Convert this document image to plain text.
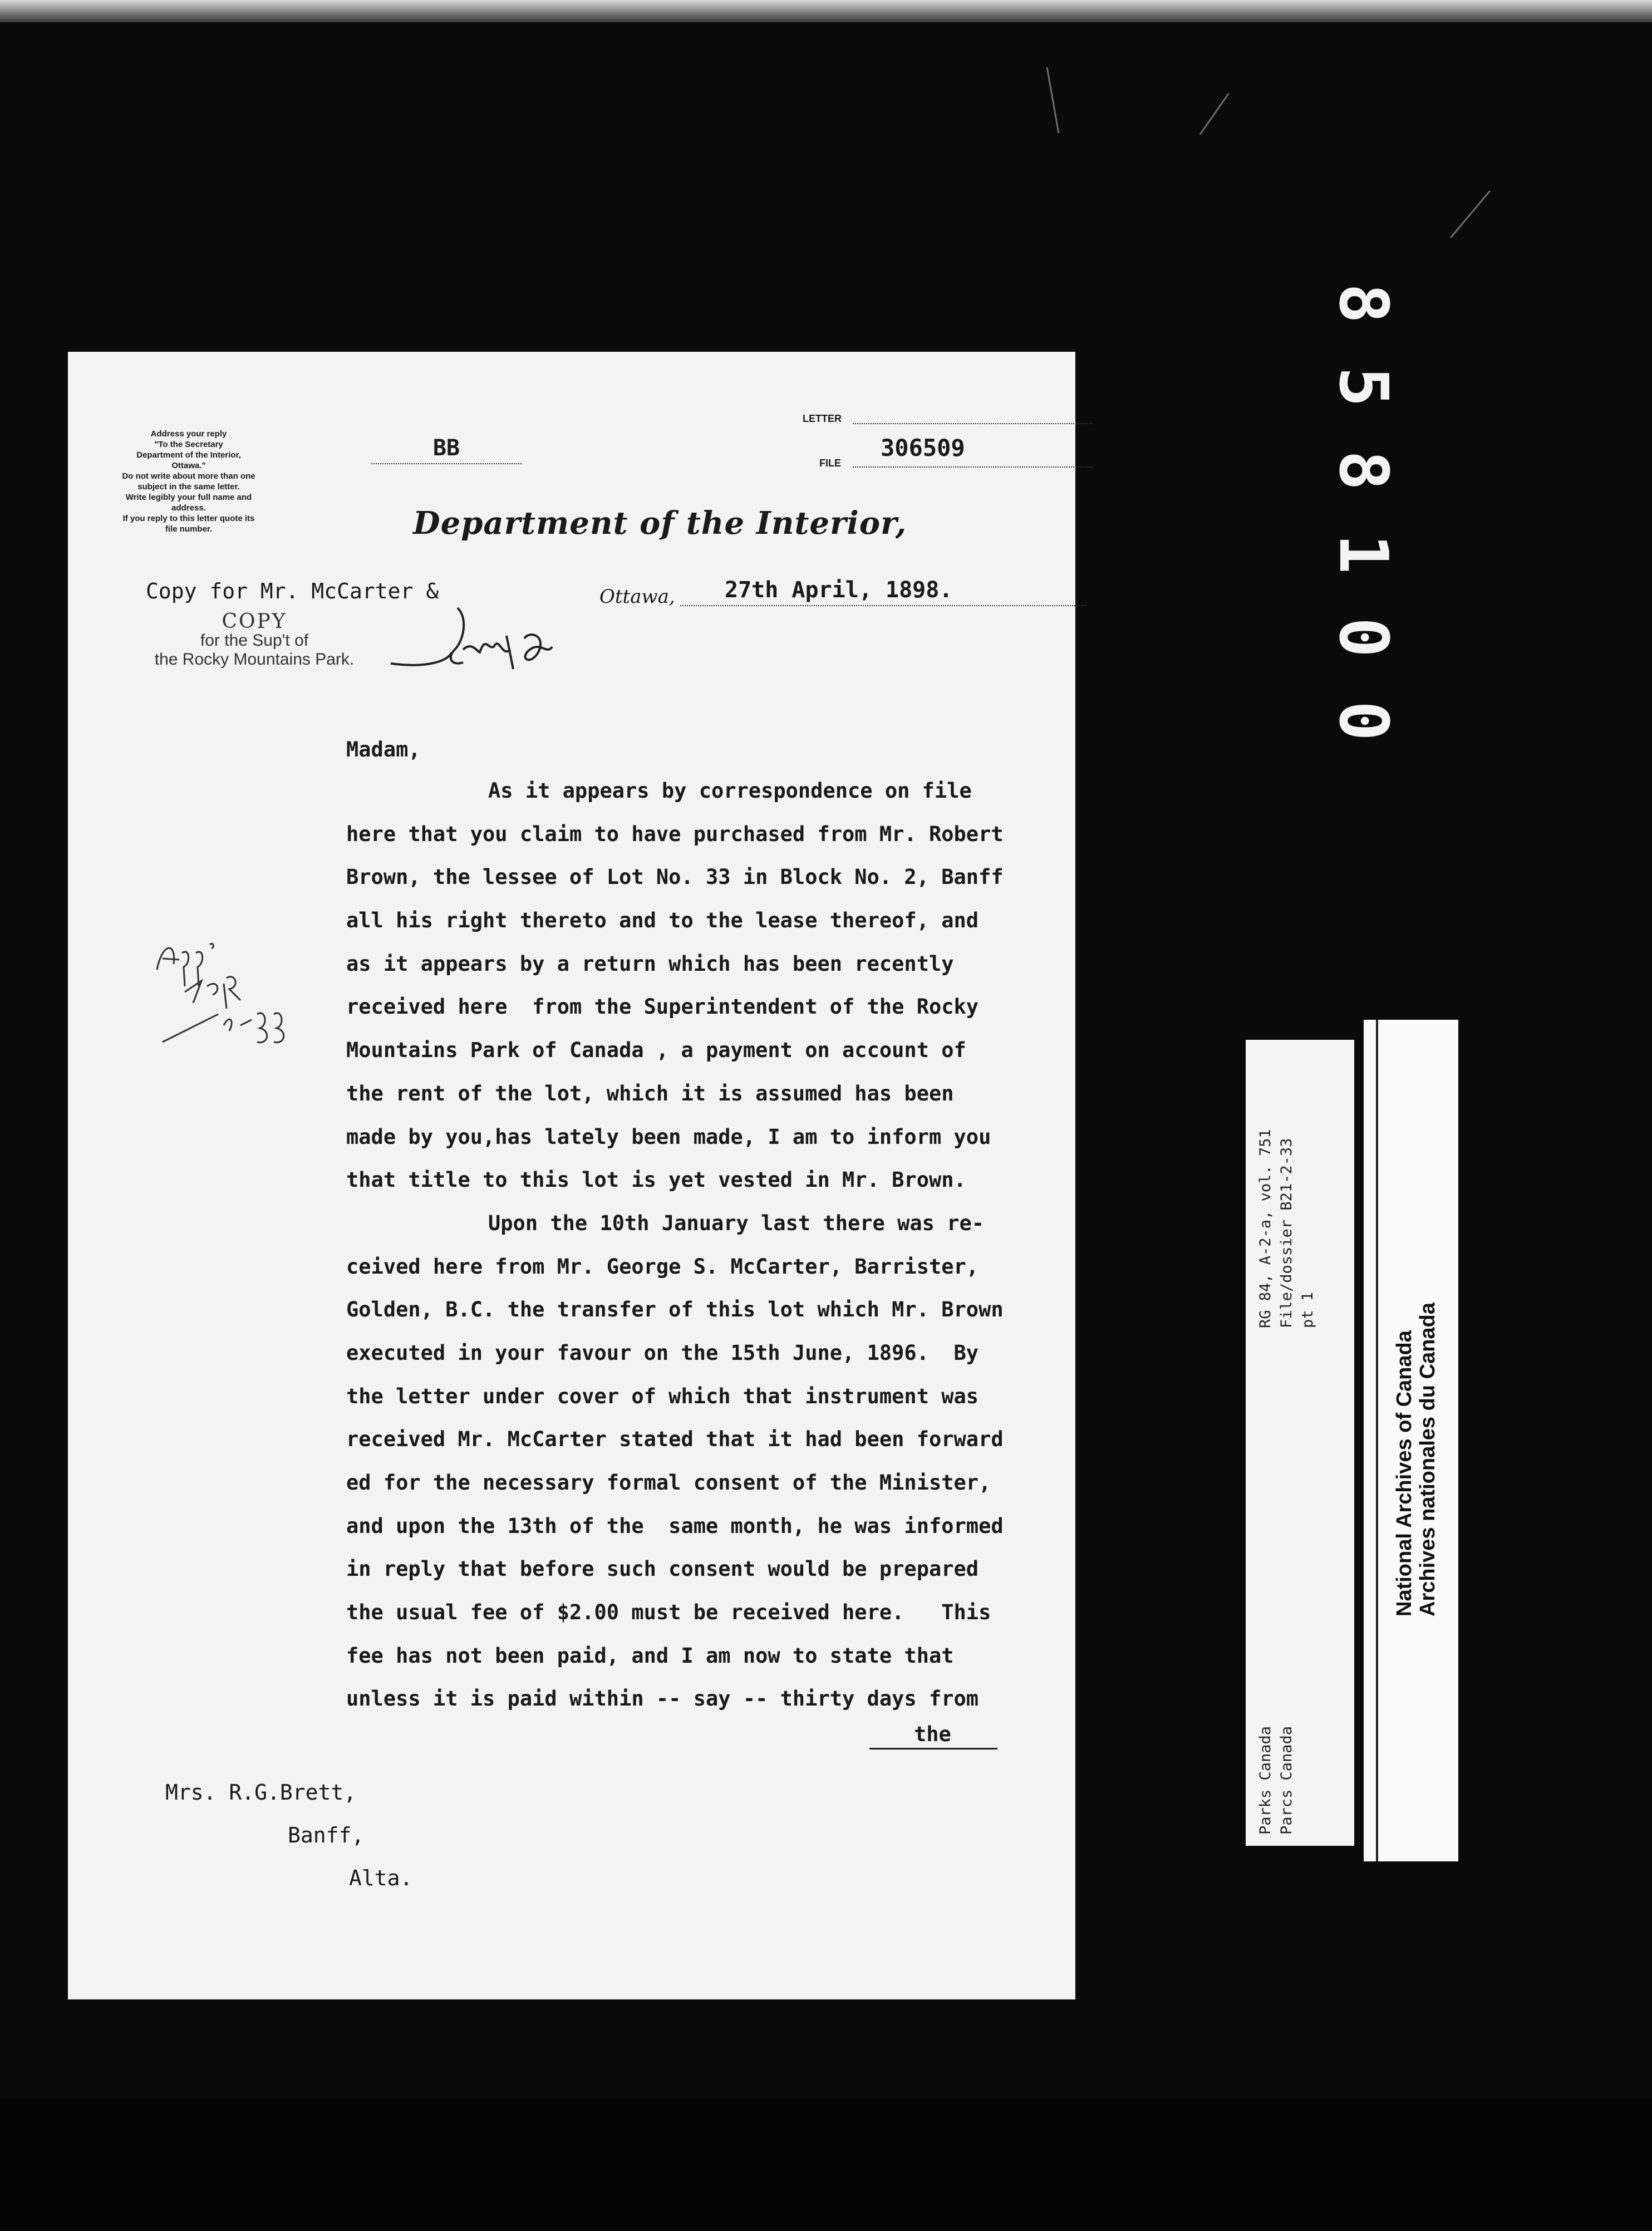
8
5
8
1
0
0
Address your reply
"To the Secretary
Department of the Interior,
Ottawa."
Do not write about more than one
subject in the same letter.
Write legibly your full name and
address.
If you reply to this letter quote its
file number.
LETTER
FILE
306509
BB
Department of the Interior,
Copy for Mr. McCarter &
COPY
for the Sup't of
the Rocky Mountains Park.
Ottawa, 27th April, 1898.
Madam,
As it appears by correspondence on file
here that you claim to have purchased from Mr. Robert
Brown, the lessee of Lot No. 33 in Block No. 2, Banff
all his right thereto and to the lease thereof, and
as it appears by a return which has been recently
received here  from the Superintendent of the Rocky
Mountains Park of Canada , a payment on account of
the rent of the lot, which it is assumed has been
made by you,has lately been made, I am to inform you
that title to this lot is yet vested in Mr. Brown.
Upon the 10th January last there was re-
ceived here from Mr. George S. McCarter, Barrister,
Golden, B.C. the transfer of this lot which Mr. Brown
executed in your favour on the 15th June, 1896.  By
the letter under cover of which that instrument was
received Mr. McCarter stated that it had been forward
ed for the necessary formal consent of the Minister,
and upon the 13th of the  same month, he was informed
in reply that before such consent would be prepared
the usual fee of $2.00 must be received here.   This
fee has not been paid, and I am now to state that
unless it is paid within -- say -- thirty days from
the
Mrs. R.G.Brett,
Banff,
Alta.
Parks Canada Parcs Canada
RG 84, A-2-a, vol. 751 File/dossier B21-2-33 pt 1
National Archives of Canada Archives nationales du Canada
